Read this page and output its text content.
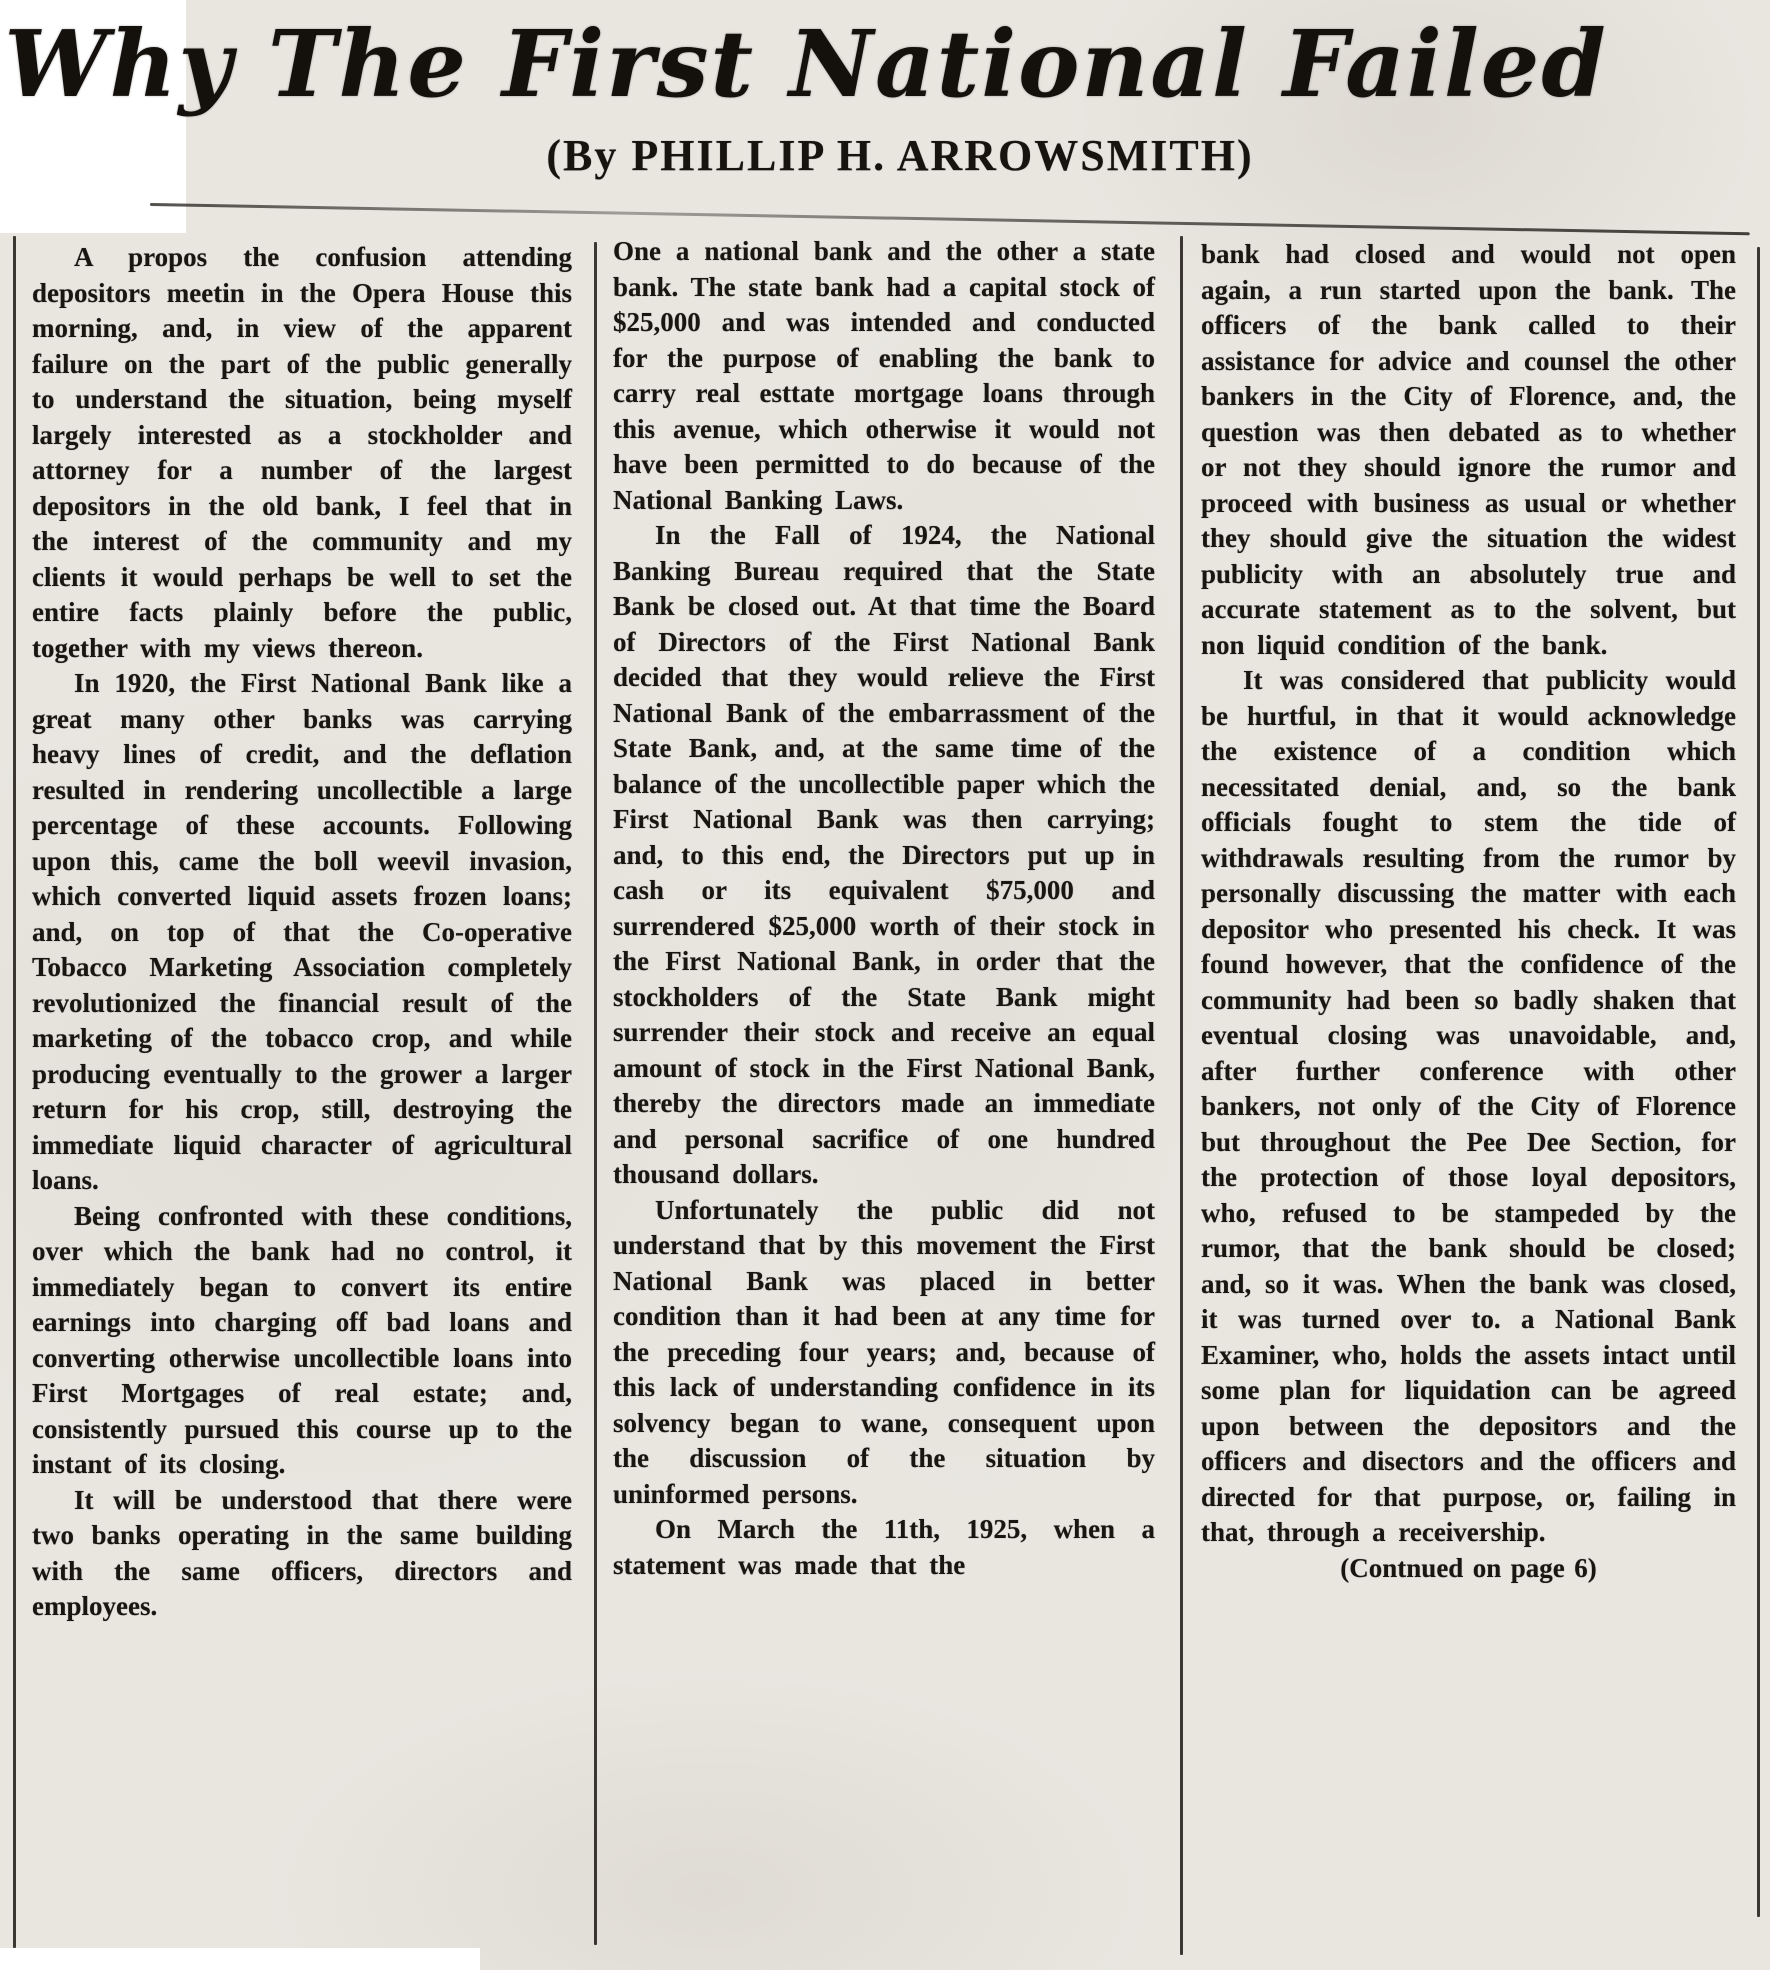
Why The First National Failed
(By PHILLIP H. ARROWSMITH)

A propos the confusion attending depositors meetin in the Opera House this morning, and, in view of the apparent failure on the part of the public generally to understand the situation, being myself largely interested as a stockholder and attorney for a number of the largest depositors in the old bank, I feel that in the interest of the community and my clients it would perhaps be well to set the entire facts plainly before the public, together with my views thereon.

In 1920, the First National Bank like a great many other banks was carrying heavy lines of credit, and the deflation resulted in rendering uncollectible a large percentage of these accounts. Following upon this, came the boll weevil invasion, which converted liquid assets frozen loans; and, on top of that the Co-operative Tobacco Marketing Association completely revolutionized the financial result of the marketing of the tobacco crop, and while producing eventually to the grower a larger return for his crop, still, destroying the immediate liquid character of agricultural loans.

Being confronted with these conditions, over which the bank had no control, it immediately began to convert its entire earnings into charging off bad loans and converting otherwise uncollectible loans into First Mortgages of real estate; and, consistently pursued this course up to the instant of its closing.

It will be understood that there were two banks operating in the same building with the same officers, directors and employees.

One a national bank and the other a state bank. The state bank had a capital stock of $25,000 and was intended and conducted for the purpose of enabling the bank to carry real esttate mortgage loans through this avenue, which otherwise it would not have been permitted to do because of the National Banking Laws.

In the Fall of 1924, the National Banking Bureau required that the State Bank be closed out. At that time the Board of Directors of the First National Bank decided that they would relieve the First National Bank of the embarrassment of the State Bank, and, at the same time of the balance of the uncollectible paper which the First National Bank was then carrying; and, to this end, the Directors put up in cash or its equivalent $75,000 and surrendered $25,000 worth of their stock in the First National Bank, in order that the stockholders of the State Bank might surrender their stock and receive an equal amount of stock in the First National Bank, thereby the directors made an immediate and personal sacrifice of one hundred thousand dollars.

Unfortunately the public did not understand that by this movement the First National Bank was placed in better condition than it had been at any time for the preceding four years; and, because of this lack of understanding confidence in its solvency began to wane, consequent upon the discussion of the situation by uninformed persons.

On March the 11th, 1925, when a statement was made that the

bank had closed and would not open again, a run started upon the bank. The officers of the bank called to their assistance for advice and counsel the other bankers in the City of Florence, and, the question was then debated as to whether or not they should ignore the rumor and proceed with business as usual or whether they should give the situation the widest publicity with an absolutely true and accurate statement as to the solvent, but non liquid condition of the bank.

It was considered that publicity would be hurtful, in that it would acknowledge the existence of a condition which necessitated denial, and, so the bank officials fought to stem the tide of withdrawals resulting from the rumor by personally discussing the matter with each depositor who presented his check. It was found however, that the confidence of the community had been so badly shaken that eventual closing was unavoidable, and, after further conference with other bankers, not only of the City of Florence but throughout the Pee Dee Section, for the protection of those loyal depositors, who, refused to be stampeded by the rumor, that the bank should be closed; and, so it was. When the bank was closed, it was turned over to. a National Bank Examiner, who, holds the assets intact until some plan for liquidation can be agreed upon between the depositors and the officers and disectors and the officers and directed for that purpose, or, failing in that, through a receivership.

(Contnued on page 6)
